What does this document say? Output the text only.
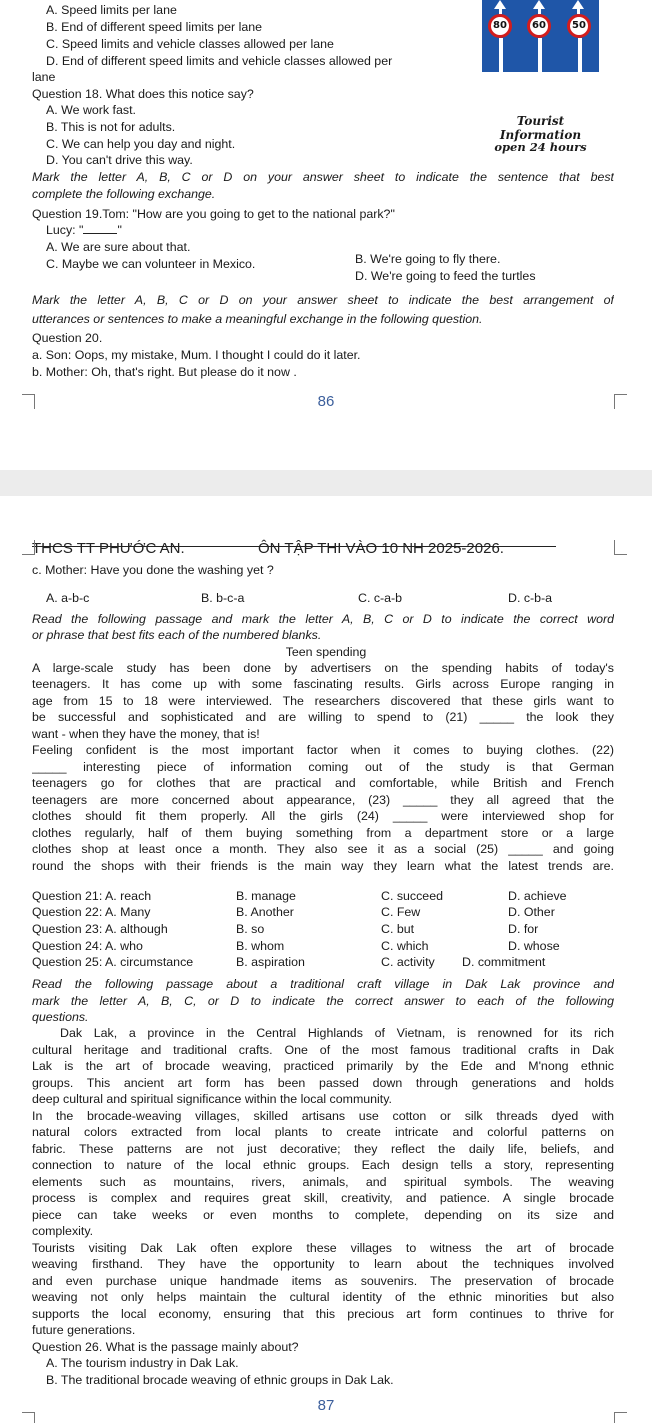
A. Speed limits per lane

B. End of different speed limits per lane

C. Speed limits and vehicle classes allowed per lane

D. End of different speed limits and vehicle classes allowed per

lane

80	60	50

Question 18. What does this notice say?

A. We work fast.

B. This is not for adults.

C. We can help you day and night.

D. You can't drive this way.

Tourist Information
open 24 hours

Mark the letter A, B, C or D on your answer sheet to indicate the sentence that best

complete the following exchange.

Question 19.Tom: "How are you going to get to the national park?"

Lucy: "	"

A. We are sure about that.

B. We're going to fly there.

C. Maybe we can volunteer in Mexico.

D. We're going to feed the turtles

Mark the letter A, B, C or D on your answer sheet to indicate the best arrangement of

utterances or sentences to make a meaningful exchange in the following question.

Question 20.

a. Son: Oops, my mistake, Mum. I thought I could do it later.

b. Mother: Oh, that's right. But please do it now .

86

THCS TT PHƯỚC AN.	ÔN TẬP THI VÀO 10 NH 2025-2026.

c. Mother: Have you done the washing yet ?

A. a-b-c	B. b-c-a	C. c-a-b	D. c-b-a

Read the following passage and mark the letter A, B, C or D to indicate the correct word

or phrase that best fits each of the numbered blanks.

Teen spending

A large-scale study has been done by advertisers on the spending habits of today's

teenagers. It has come up with some fascinating results. Girls across Europe ranging in

age from 15 to 18 were interviewed. The researchers discovered that these girls want to

be successful and sophisticated and are willing to spend to (21) _____ the look they

want - when they have the money, that is!

Feeling confident is the most important factor when it comes to buying clothes. (22)

_____ interesting piece of information coming out of the study is that German

teenagers go for clothes that are practical and comfortable, while British and French

teenagers are more concerned about appearance, (23) _____ they all agreed that the

clothes should fit them properly. All the girls (24) _____ were interviewed shop for

clothes regularly, half of them buying something from a department store or a large

clothes shop at least once a month. They also see it as a social (25) _____ and going

round the shops with their friends is the main way they learn what the latest trends are.

Question 21: A. reach	B. manage	C. succeed	D. achieve

Question 22: A. Many	B. Another	C. Few	D. Other

Question 23: A. although	B. so	C. but	D. for

Question 24: A. who	B. whom	C. which	D. whose

Question 25: A. circumstance	B. aspiration	C. activity D. commitment

Read the following passage about a traditional craft village in Dak Lak province and

mark the letter A, B, C, or D to indicate the correct answer to each of the following

questions.

Dak Lak, a province in the Central Highlands of Vietnam, is renowned for its rich

cultural heritage and traditional crafts. One of the most famous traditional crafts in Dak

Lak is the art of brocade weaving, practiced primarily by the Ede and M'nong ethnic

groups. This ancient art form has been passed down through generations and holds

deep cultural and spiritual significance within the local community.

In the brocade-weaving villages, skilled artisans use cotton or silk threads dyed with

natural colors extracted from local plants to create intricate and colorful patterns on

fabric. These patterns are not just decorative; they reflect the daily life, beliefs, and

connection to nature of the local ethnic groups. Each design tells a story, representing

elements such as mountains, rivers, animals, and spiritual symbols. The weaving

process is complex and requires great skill, creativity, and patience. A single brocade

piece can take weeks or even months to complete, depending on its size and

complexity.

Tourists visiting Dak Lak often explore these villages to witness the art of brocade

weaving firsthand. They have the opportunity to learn about the techniques involved

and even purchase unique handmade items as souvenirs. The preservation of brocade

weaving not only helps maintain the cultural identity of the ethnic minorities but also

supports the local economy, ensuring that this precious art form continues to thrive for

future generations.

Question 26. What is the passage mainly about?

A. The tourism industry in Dak Lak.

B. The traditional brocade weaving of ethnic groups in Dak Lak.

87
